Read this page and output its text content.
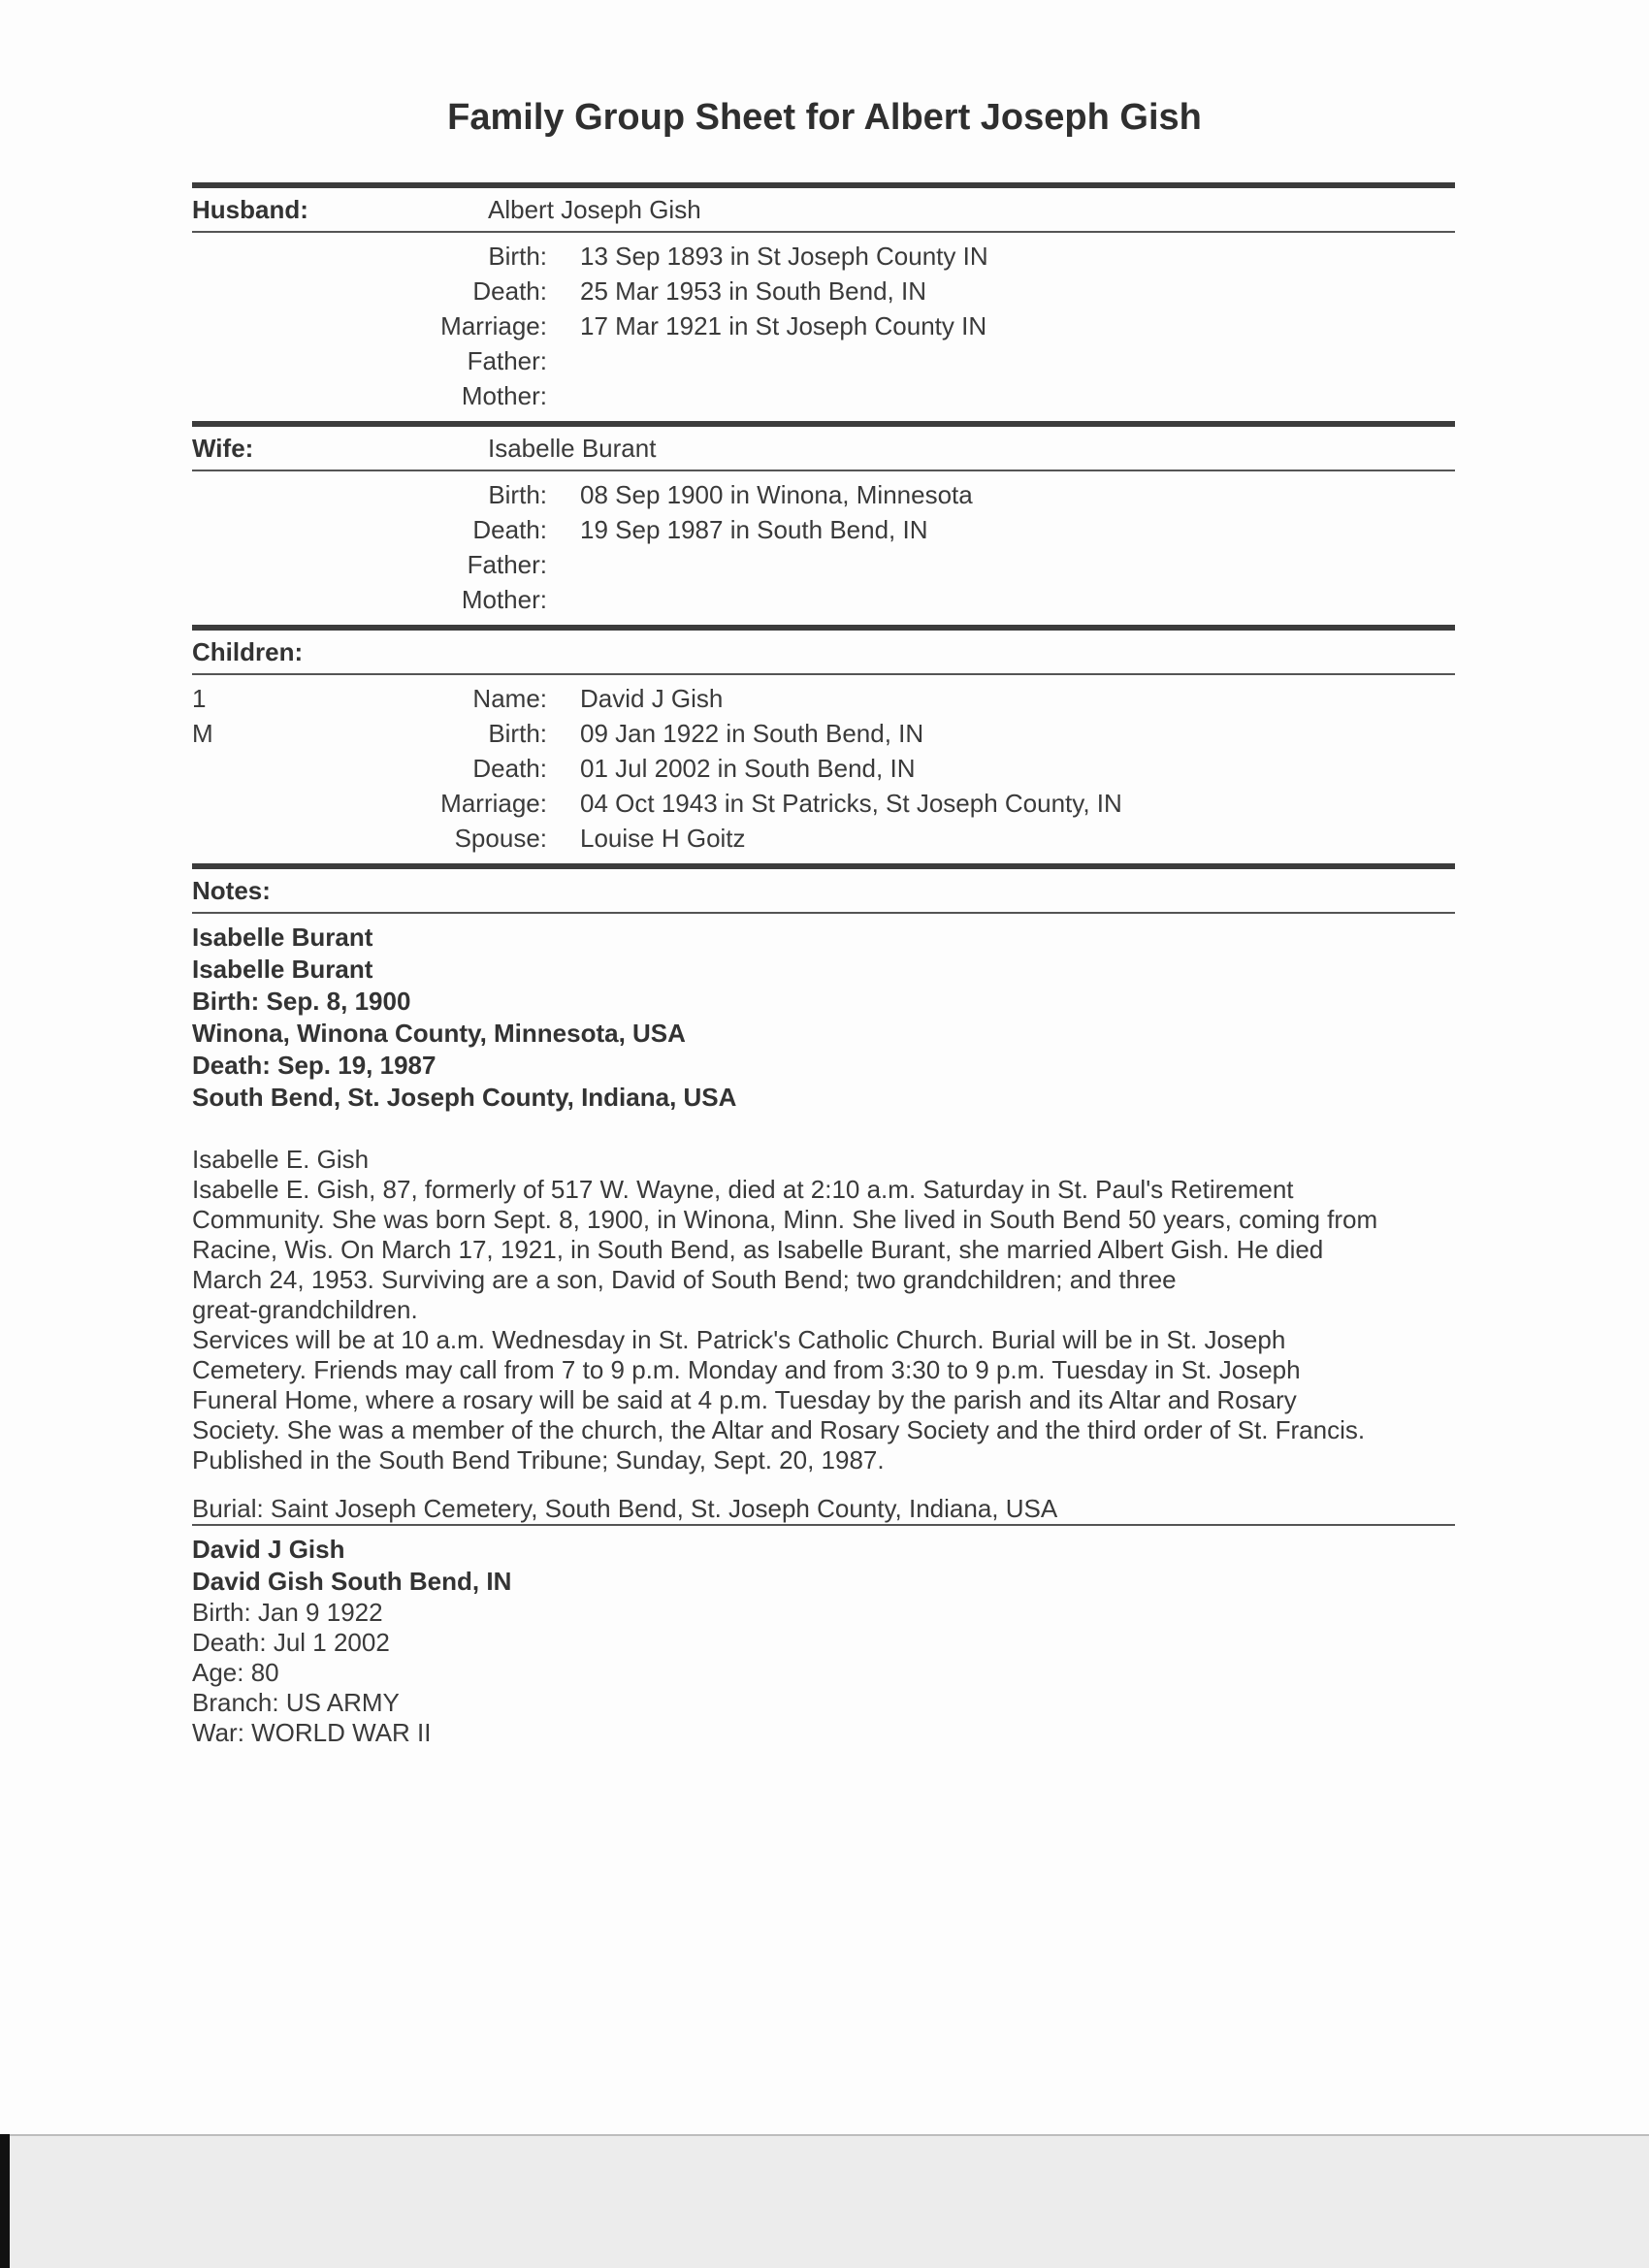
Family Group Sheet for Albert Joseph Gish
Husband:	Albert Joseph Gish
Birth:	13 Sep 1893 in St Joseph County IN
Death:	25 Mar 1953 in South Bend, IN
Marriage:	17 Mar 1921 in St Joseph County IN
Father:
Mother:
Wife:	Isabelle Burant
Birth:	08 Sep 1900 in Winona, Minnesota
Death:	19 Sep 1987 in South Bend, IN
Father:
Mother:
Children:
1	Name:	David J Gish
M	Birth:	09 Jan 1922 in South Bend, IN
Death:	01 Jul 2002 in South Bend, IN
Marriage:	04 Oct 1943 in St Patricks, St Joseph County, IN
Spouse:	Louise H Goitz
Notes:
Isabelle Burant
Isabelle Burant
Birth: Sep. 8, 1900
Winona, Winona County, Minnesota, USA
Death: Sep. 19, 1987
South Bend, St. Joseph County, Indiana, USA
Isabelle E. Gish
Isabelle E. Gish, 87, formerly of 517 W. Wayne, died at 2:10 a.m. Saturday in St. Paul's Retirement
Community. She was born Sept. 8, 1900, in Winona, Minn. She lived in South Bend 50 years, coming from
Racine, Wis. On March 17, 1921, in South Bend, as Isabelle Burant, she married Albert Gish. He died
March 24, 1953. Surviving are a son, David of South Bend; two grandchildren; and three
great-grandchildren.
Services will be at 10 a.m. Wednesday in St. Patrick's Catholic Church. Burial will be in St. Joseph
Cemetery. Friends may call from 7 to 9 p.m. Monday and from 3:30 to 9 p.m. Tuesday in St. Joseph
Funeral Home, where a rosary will be said at 4 p.m. Tuesday by the parish and its Altar and Rosary
Society. She was a member of the church, the Altar and Rosary Society and the third order of St. Francis.
Published in the South Bend Tribune; Sunday, Sept. 20, 1987.
Burial: Saint Joseph Cemetery, South Bend, St. Joseph County, Indiana, USA
David J Gish
David Gish South Bend, IN
Birth: Jan 9 1922
Death: Jul 1 2002
Age: 80
Branch: US ARMY
War: WORLD WAR II
